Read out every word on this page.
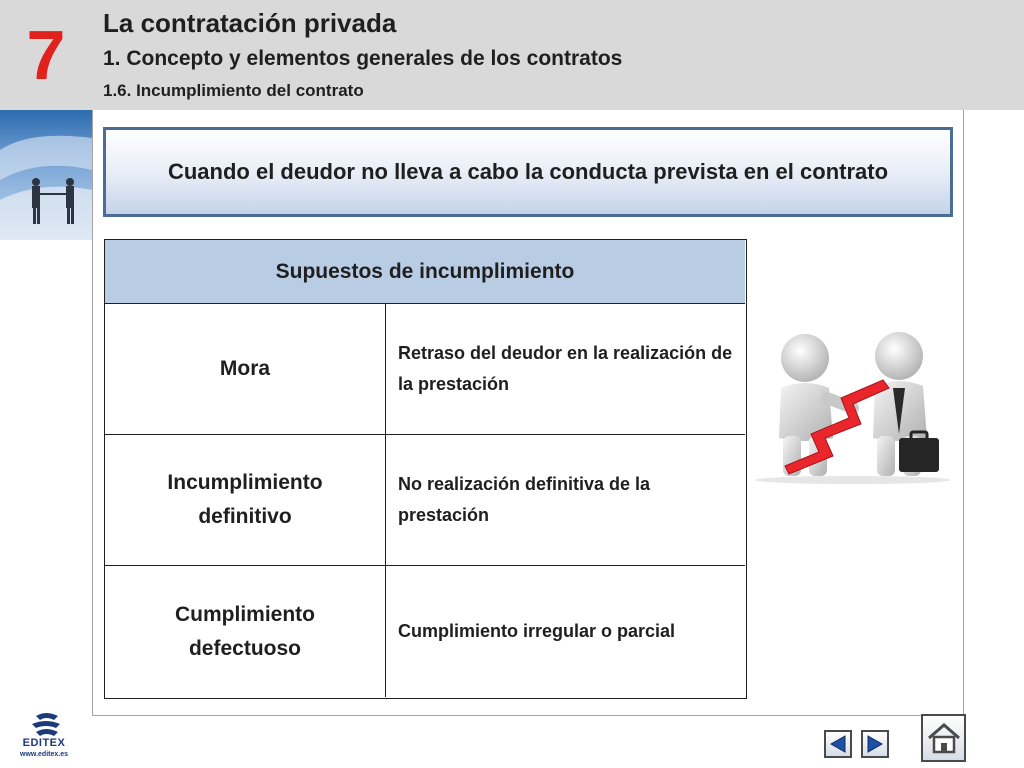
7	La contratación privada
1. Concepto y elementos generales de los contratos
1.6. Incumplimiento del contrato
Cuando el deudor no lleva a cabo la conducta prevista en el contrato
Supuestos de incumplimiento
Mora
Retraso del deudor en la realización de la prestación
Incumplimiento definitivo
No realización definitiva de la prestación
Cumplimiento defectuoso
Cumplimiento irregular o parcial
EDITEX
www.editex.es
